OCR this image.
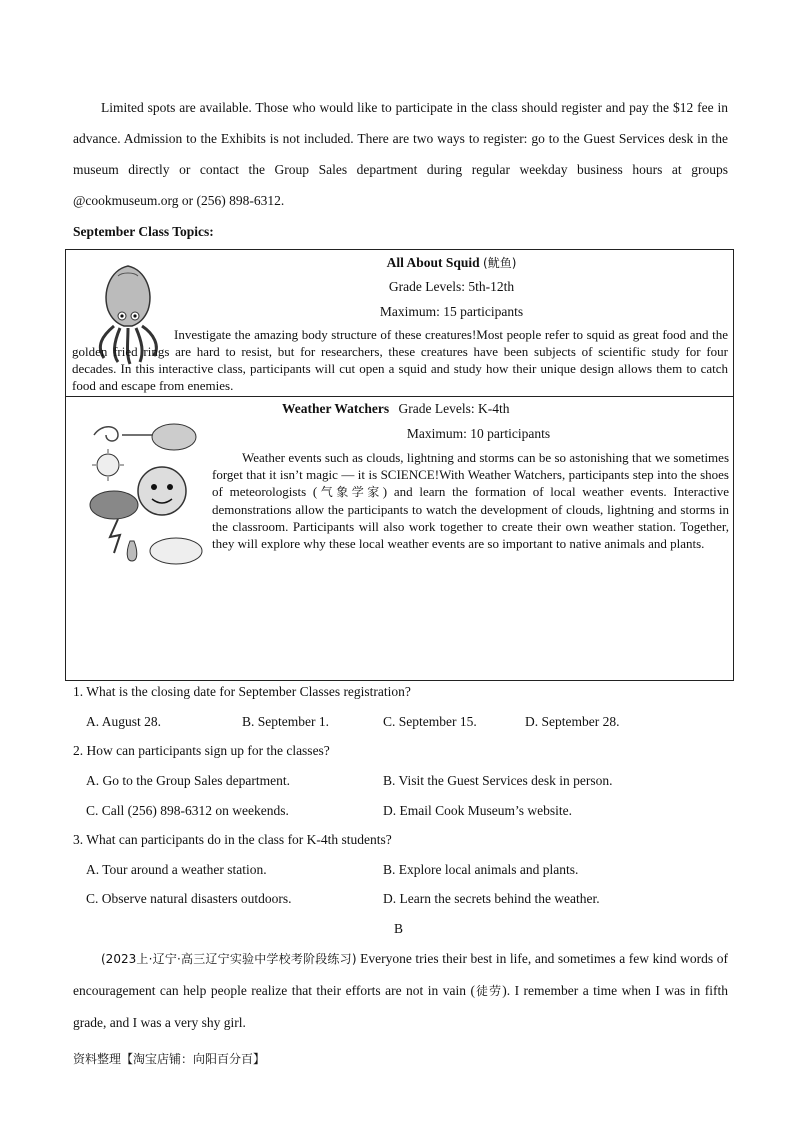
Limited spots are available. Those who would like to participate in the class should register and pay the $12 fee in advance. Admission to the Exhibits is not included. There are two ways to register: go to the Guest Services desk in the museum directly or contact the Group Sales department during regular weekday business hours at groups @cookmuseum.org or (256) 898-6312.
September Class Topics:
All About Squid (鱿鱼)
Grade Levels: 5th-12th
Maximum: 15 participants
Investigate the amazing body structure of these creatures!Most people refer to squid as great food and the golden fried rings are hard to resist, but for researchers, these creatures have been subjects of scientific study for four decades. In this interactive class, participants will cut open a squid and study how their unique design allows them to catch food and escape from enemies.
Weather Watchers Grade Levels: K-4th
Maximum: 10 participants
Weather events such as clouds, lightning and storms can be so astonishing that we sometimes forget that it isn’t magic — it is SCIENCE!With Weather Watchers, participants step into the shoes of meteorologists (气象学家) and learn the formation of local weather events. Interactive demonstrations allow the participants to watch the development of clouds, lightning and storms in the classroom. Participants will also work together to create their own weather station. Together, they will explore why these local weather events are so important to native animals and plants.
1. What is the closing date for September Classes registration?
A. August 28.	B. September 1.	C. September 15.	D. September 28.
2. How can participants sign up for the classes?
A. Go to the Group Sales department.	B. Visit the Guest Services desk in person.
C. Call (256) 898-6312 on weekends.	D. Email Cook Museum’s website.
3. What can participants do in the class for K-4th students?
A. Tour around a weather station.	B. Explore local animals and plants.
C. Observe natural disasters outdoors.	D. Learn the secrets behind the weather.
B
(2023上·辽宁·高三辽宁实验中学校考阶段练习) Everyone tries their best in life, and sometimes a few kind words of encouragement can help people realize that their efforts are not in vain (徒劳). I remember a time when I was in fifth grade, and I was a very shy girl.
资料整理【淘宝店铺：向阳百分百】
